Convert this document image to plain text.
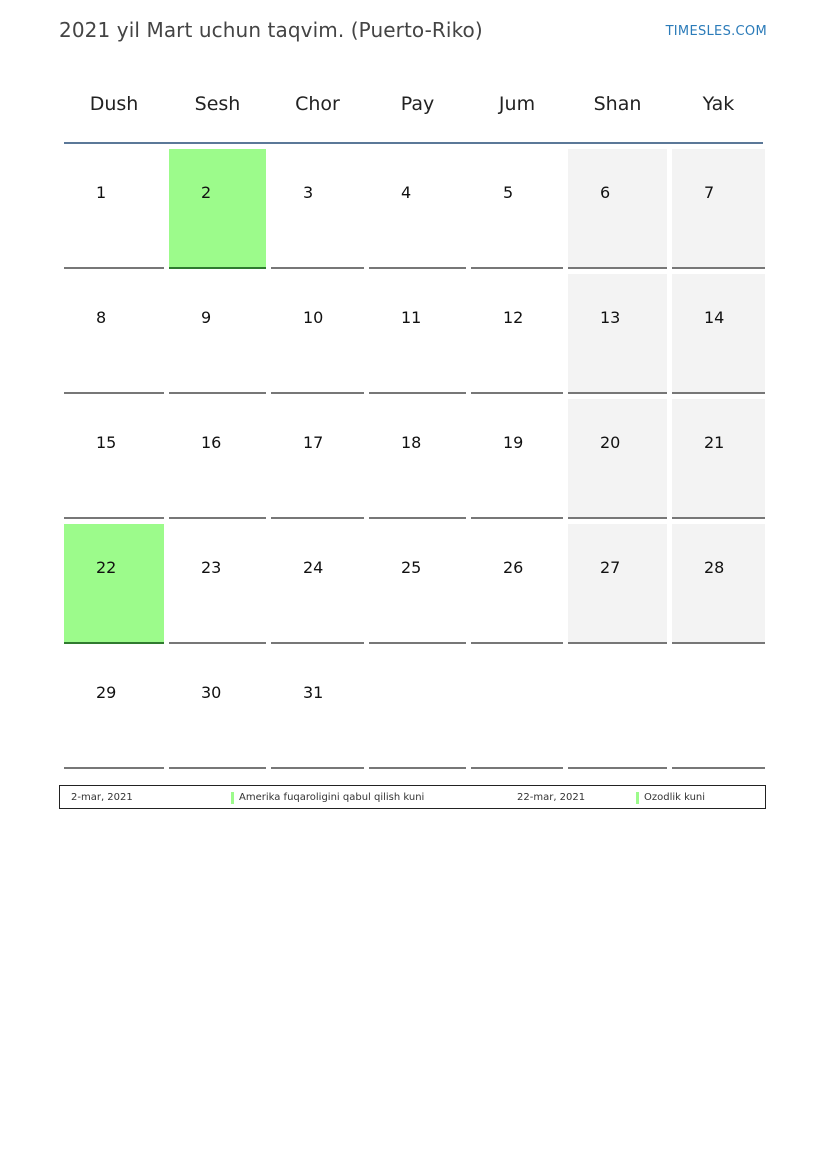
2021 yil Mart uchun taqvim. (Puerto-Riko)	TIMESLES.COM
Dush	Sesh	Chor	Pay	Jum	Shan	Yak
1	2	3	4	5	6	7
8	9	10	11	12	13	14
15	16	17	18	19	20	21
22	23	24	25	26	27	28
29	30	31
2-mar, 2021	Amerika fuqaroligini qabul qilish kuni	22-mar, 2021	Ozodlik kuni
